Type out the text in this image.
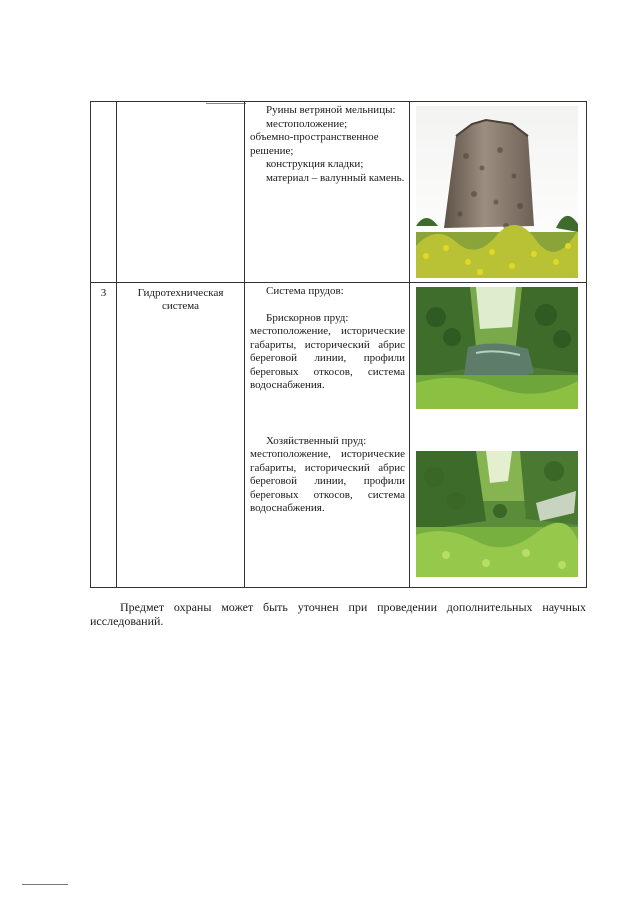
		Руины ветряной мельницы:

местоположение;

объемно-пространственное решение;

конструкция кладки;

материал – валунный камень.

3	Гидротехническая система	Система прудов:

Брискорнов пруд:

местоположение, исторические габариты, исторический абрис береговой линии, профили береговых откосов, система водоснабжения.

Хозяйственный пруд:

местоположение, исторические габариты, исторический абрис береговой линии, профили береговых откосов, система водоснабжения.

Предмет охраны может быть уточнен при проведении дополнительных научных исследований.
